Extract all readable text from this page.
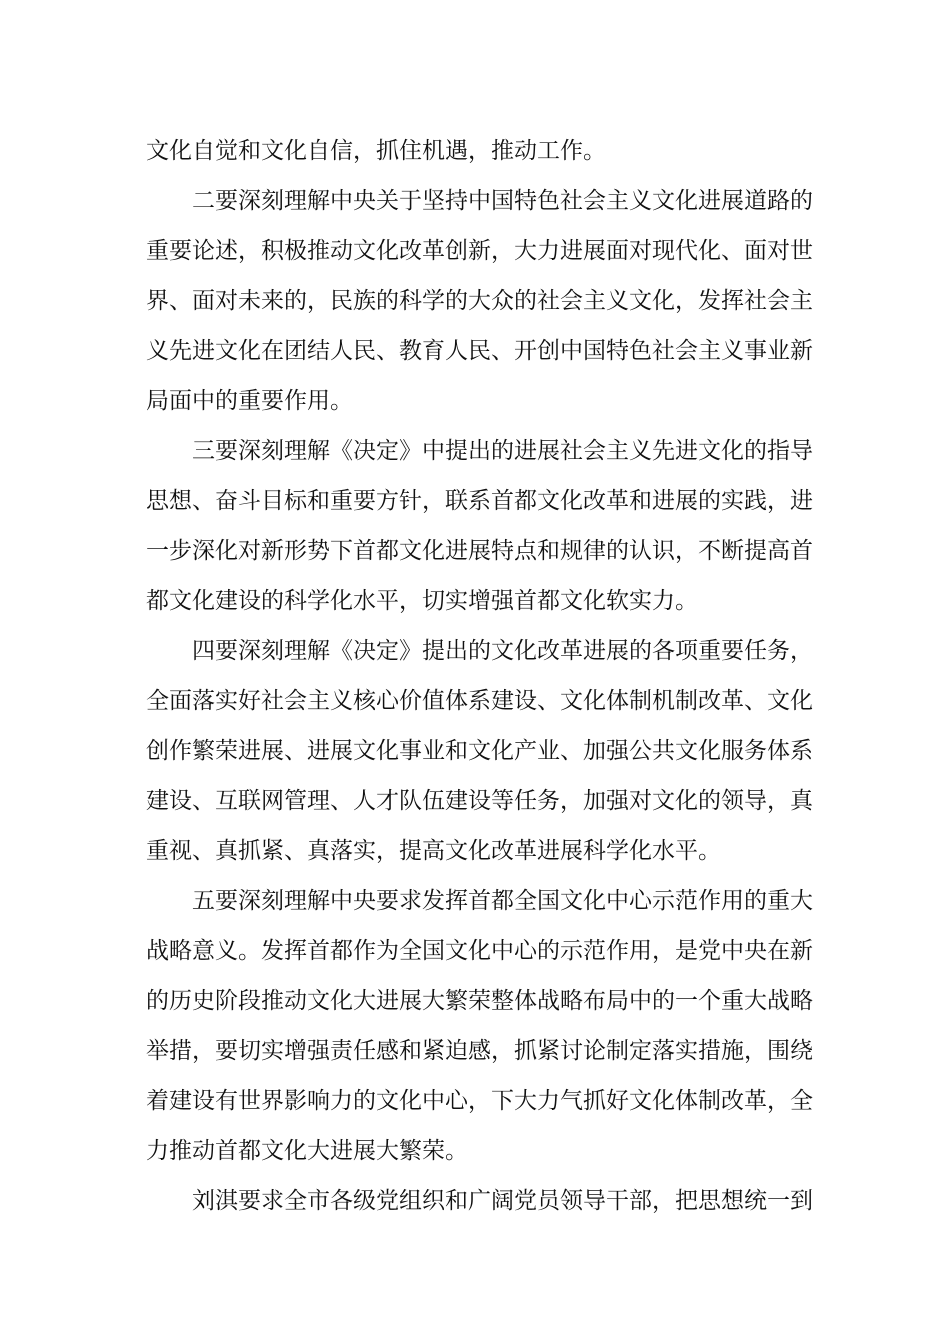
文化自觉和文化自信，抓住机遇，推动工作。
二要深刻理解中央关于坚持中国特色社会主义文化进展道路的
重要论述，积极推动文化改革创新，大力进展面对现代化、面对世
界、面对未来的，民族的科学的大众的社会主义文化，发挥社会主
义先进文化在团结人民、教育人民、开创中国特色社会主义事业新
局面中的重要作用。
三要深刻理解《决定》中提出的进展社会主义先进文化的指导
思想、奋斗目标和重要方针，联系首都文化改革和进展的实践，进
一步深化对新形势下首都文化进展特点和规律的认识，不断提高首
都文化建设的科学化水平，切实增强首都文化软实力。
四要深刻理解《决定》提出的文化改革进展的各项重要任务，
全面落实好社会主义核心价值体系建设、文化体制机制改革、文化
创作繁荣进展、进展文化事业和文化产业、加强公共文化服务体系
建设、互联网管理、人才队伍建设等任务，加强对文化的领导，真
重视、真抓紧、真落实，提高文化改革进展科学化水平。
五要深刻理解中央要求发挥首都全国文化中心示范作用的重大
战略意义。发挥首都作为全国文化中心的示范作用，是党中央在新
的历史阶段推动文化大进展大繁荣整体战略布局中的一个重大战略
举措，要切实增强责任感和紧迫感，抓紧讨论制定落实措施，围绕
着建设有世界影响力的文化中心，下大力气抓好文化体制改革，全
力推动首都文化大进展大繁荣。
刘淇要求全市各级党组织和广阔党员领导干部，把思想统一到
